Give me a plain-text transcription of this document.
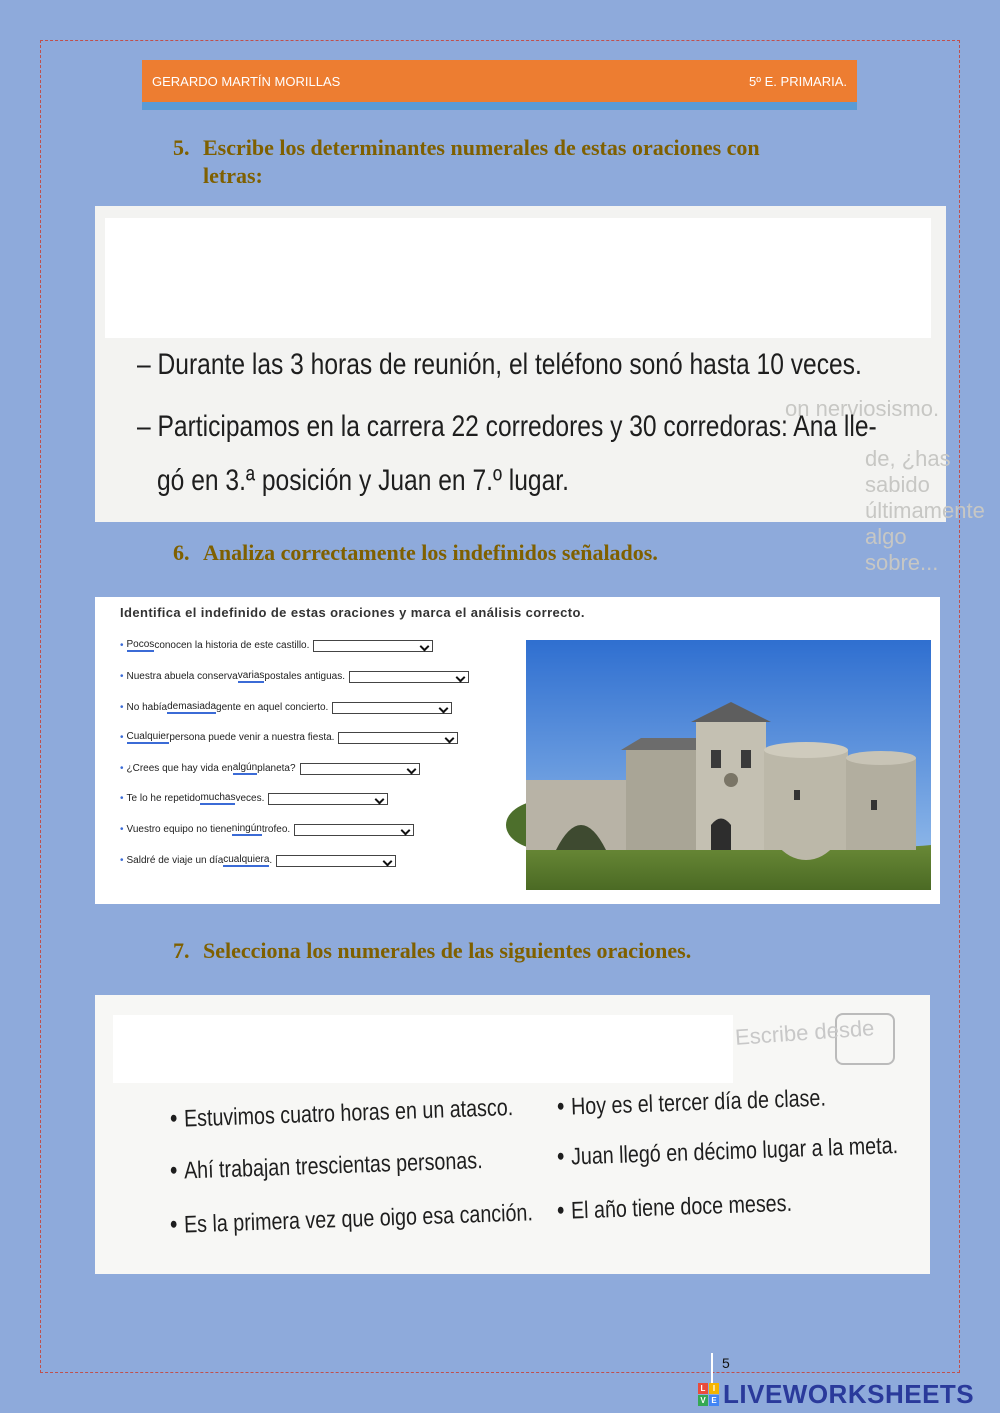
GERARDO MARTÍN MORILLAS	5º E. PRIMARIA.
5. Escribe los determinantes numerales de estas oraciones con
letras:
on nerviosismo.
de, ¿has sabido últimamente algo sobre...
– Durante las 3 horas de reunión, el teléfono sonó hasta 10 veces.
– Participamos en la carrera 22 corredores y 30 corredoras: Ana lle-
gó en 3.ª posición y Juan en 7.º lugar.
6. Analiza correctamente los indefinidos señalados.
Identifica el indefinido de estas oraciones y marca el análisis correcto.
• Pocos conocen la historia de este castillo.
• Nuestra abuela conserva varias postales antiguas.
• No había demasiada gente en aquel concierto.
• Cualquier persona puede venir a nuestra fiesta.
• ¿Crees que hay vida en algún planeta?
• Te lo he repetido muchas veces.
• Vuestro equipo no tiene ningún trofeo.
• Saldré de viaje un día cualquiera .
7. Selecciona los numerales de las siguientes oraciones.
Escribe desde
• Estuvimos cuatro horas en un atasco.
• Ahí trabajan trescientas personas.
• Es la primera vez que oigo esa canción.
• Hoy es el tercer día de clase.
• Juan llegó en décimo lugar a la meta.
• El año tiene doce meses.
5
L I
V E LIVEWORKSHEETS
